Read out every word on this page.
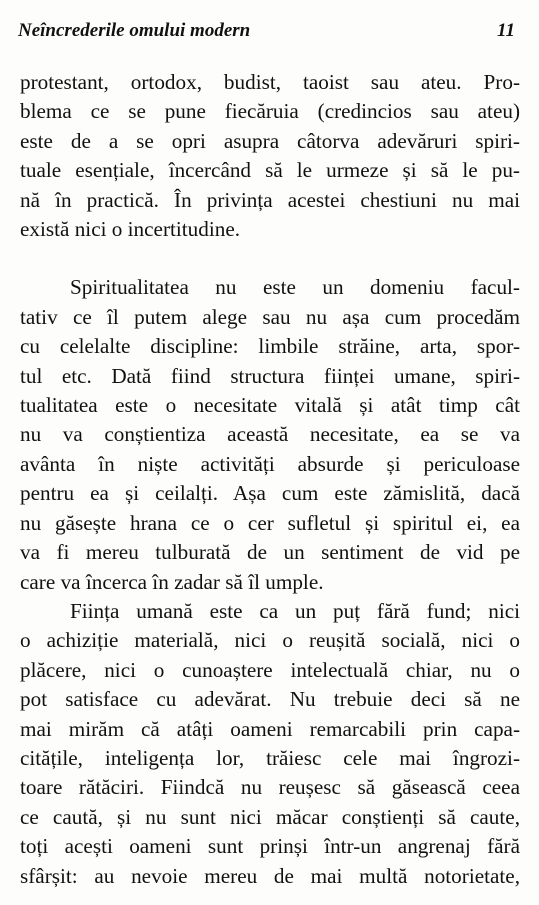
Neîncrederile omului modern	11
protestant, ortodox, budist, taoist sau ateu. Pro-
blema ce se pune fiecăruia (credincios sau ateu)
este de a se opri asupra câtorva adevăruri spiri-
tuale esențiale, încercând să le urmeze și să le pu-
nă în practică. În privința acestei chestiuni nu mai
există nici o incertitudine.
Spiritualitatea nu este un domeniu facul-
tativ ce îl putem alege sau nu așa cum procedăm
cu celelalte discipline: limbile străine, arta, spor-
tul etc. Dată fiind structura ființei umane, spiri-
tualitatea este o necesitate vitală și atât timp cât
nu va conștientiza această necesitate, ea se va
avânta în niște activități absurde și periculoase
pentru ea și ceilalți. Așa cum este zămislită, dacă
nu găsește hrana ce o cer sufletul și spiritul ei, ea
va fi mereu tulburată de un sentiment de vid pe
care va încerca în zadar să îl umple.
Ființa umană este ca un puț fără fund; nici
o achiziție materială, nici o reușită socială, nici o
plăcere, nici o cunoaștere intelectuală chiar, nu o
pot satisface cu adevărat. Nu trebuie deci să ne
mai mirăm că atâți oameni remarcabili prin capa-
citățile, inteligența lor, trăiesc cele mai îngrozi-
toare rătăciri. Fiindcă nu reușesc să găsească ceea
ce caută, și nu sunt nici măcar conștienți să caute,
toți acești oameni sunt prinși într-un angrenaj fără
sfârșit: au nevoie mereu de mai multă notorietate,
